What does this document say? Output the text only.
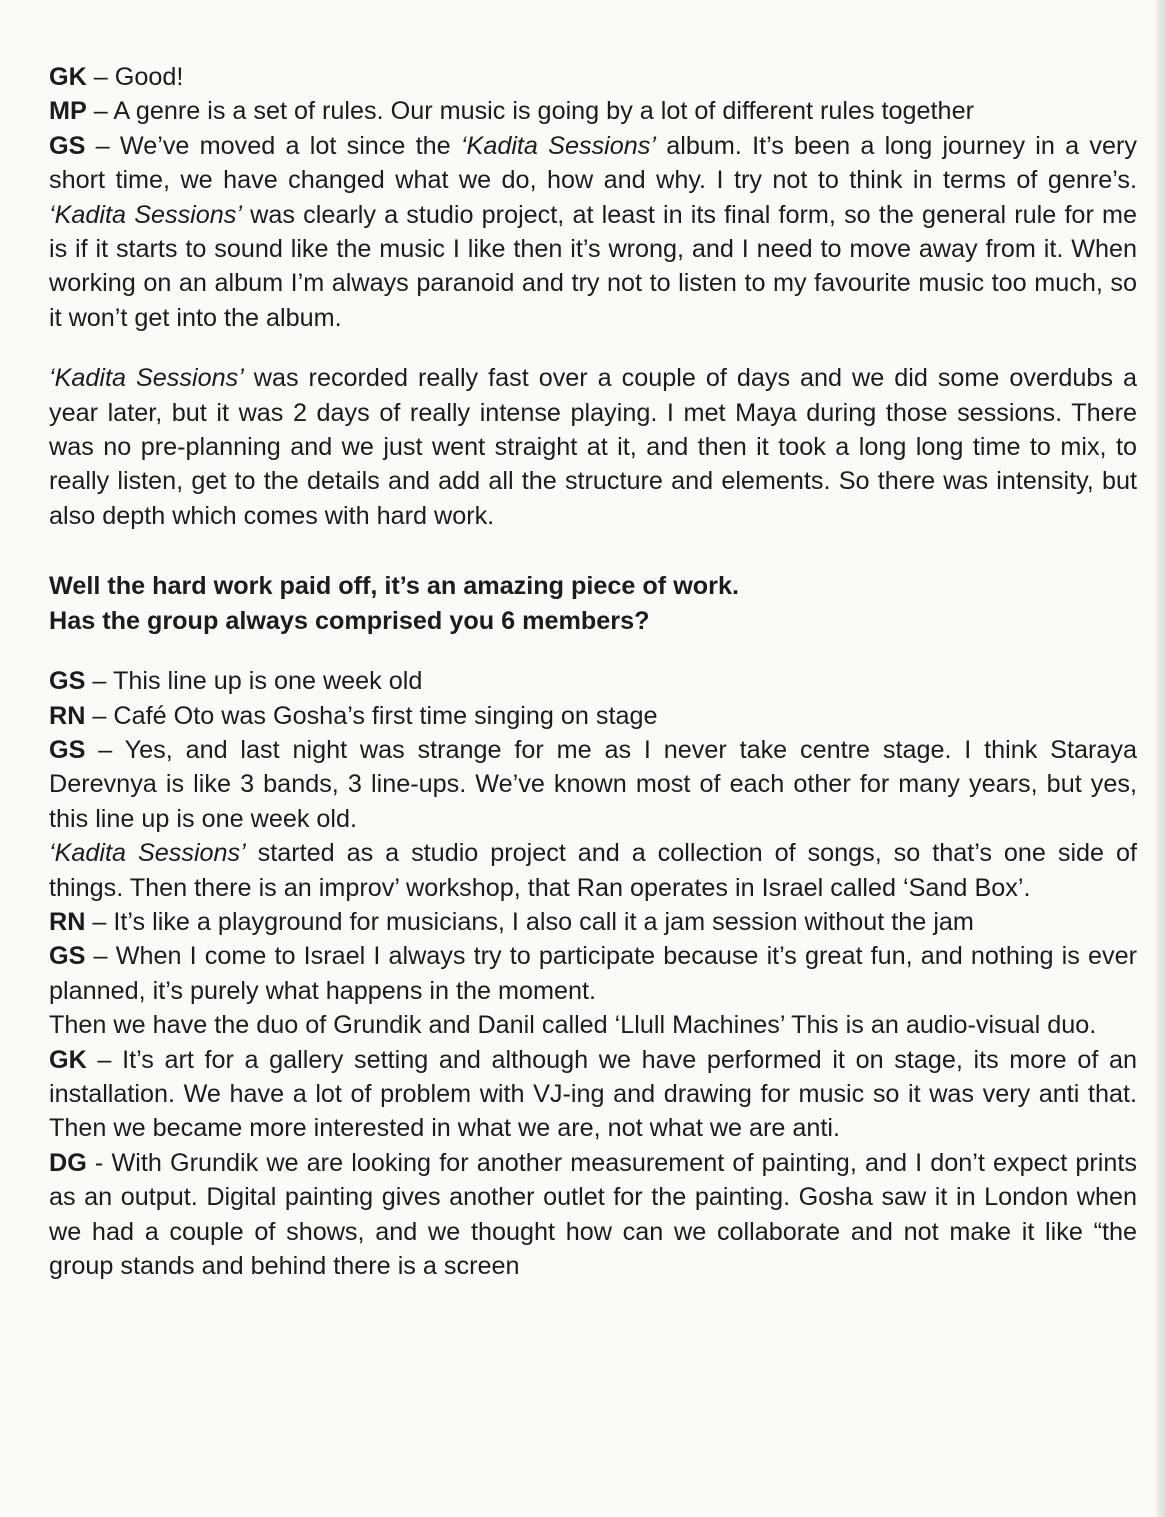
GK – Good!

MP – A genre is a set of rules. Our music is going by a lot of different rules together

GS – We’ve moved a lot since the ‘Kadita Sessions’ album. It’s been a long journey in a very short time, we have changed what we do, how and why. I try not to think in terms of genre’s. ‘Kadita Sessions’ was clearly a studio project, at least in its final form, so the general rule for me is if it starts to sound like the music I like then it’s wrong, and I need to move away from it. When working on an album I’m always paranoid and try not to listen to my favourite music too much, so it won’t get into the album.

‘Kadita Sessions’ was recorded really fast over a couple of days and we did some overdubs a year later, but it was 2 days of really intense playing. I met Maya during those sessions. There was no pre-planning and we just went straight at it, and then it took a long long time to mix, to really listen, get to the details and add all the structure and elements. So there was intensity, but also depth which comes with hard work.

Well the hard work paid off, it’s an amazing piece of work.

Has the group always comprised you 6 members?

GS – This line up is one week old

RN – Café Oto was Gosha’s first time singing on stage

GS – Yes, and last night was strange for me as I never take centre stage. I think Staraya Derevnya is like 3 bands, 3 line-ups. We’ve known most of each other for many years, but yes, this line up is one week old.

‘Kadita Sessions’ started as a studio project and a collection of songs, so that’s one side of things. Then there is an improv’ workshop, that Ran operates in Israel called ‘Sand Box’.

RN – It’s like a playground for musicians, I also call it a jam session without the jam

GS – When I come to Israel I always try to participate because it’s great fun, and nothing is ever planned, it’s purely what happens in the moment.

Then we have the duo of Grundik and Danil called ‘Llull Machines’ This is an audio-visual duo.

GK – It’s art for a gallery setting and although we have performed it on stage, its more of an installation. We have a lot of problem with VJ-ing and drawing for music so it was very anti that. Then we became more interested in what we are, not what we are anti.

DG - With Grundik we are looking for another measurement of painting, and I don’t expect prints as an output. Digital painting gives another outlet for the painting. Gosha saw it in London when we had a couple of shows, and we thought how can we collaborate and not make it like “the group stands and behind there is a screen
